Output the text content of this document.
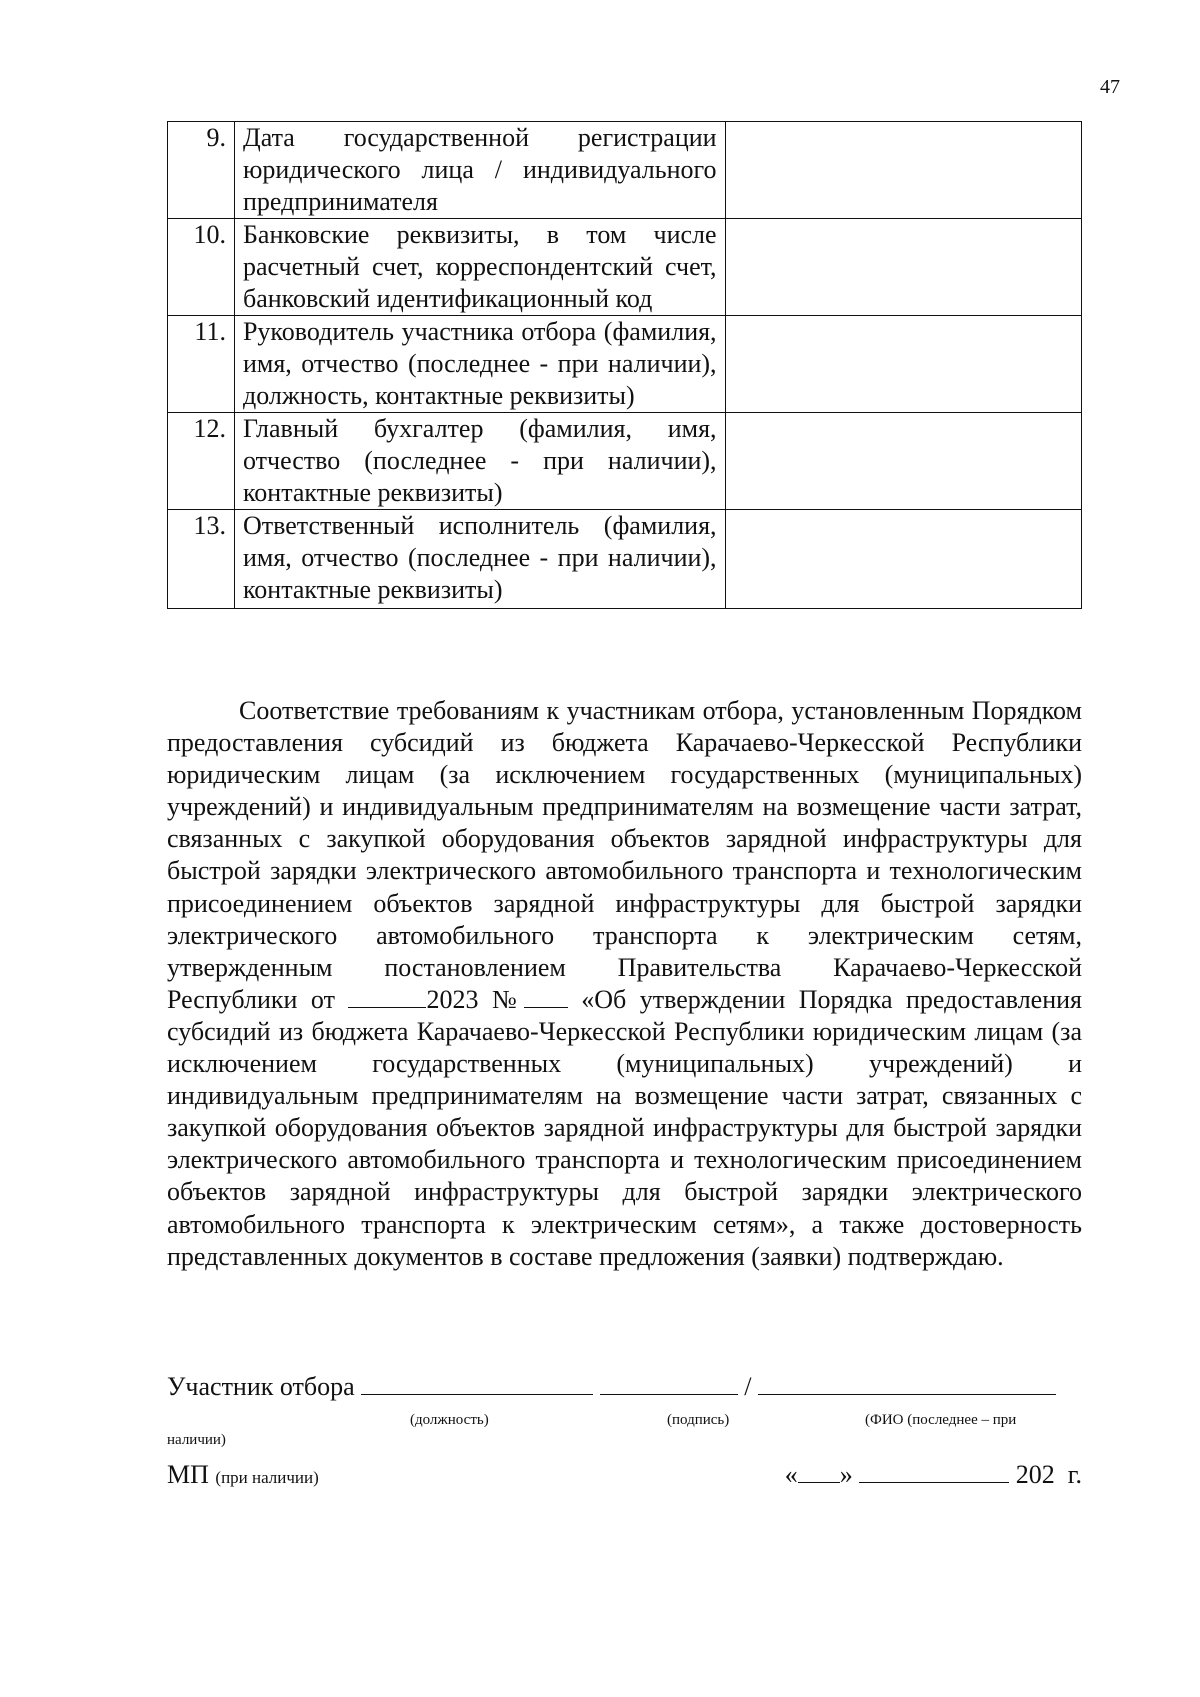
47
9.	Дата государственной регистрации юридического лица / индивидуального предпринимателя	
10.	Банковские реквизиты, в том числе расчетный счет, корреспондентский счет, банковский идентификационный код	
11.	Руководитель участника отбора (фамилия, имя, отчество (последнее - при наличии), должность, контактные реквизиты)	
12.	Главный бухгалтер (фамилия, имя, отчество (последнее - при наличии), контактные реквизиты)	
13.	Ответственный исполнитель (фамилия, имя, отчество (последнее - при наличии), контактные реквизиты)	

Соответствие требованиям к участникам отбора, установленным Порядком предоставления субсидий из бюджета Карачаево-Черкесской Республики юридическим лицам (за исключением государственных (муниципальных) учреждений) и индивидуальным предпринимателям на возмещение части затрат, связанных с закупкой оборудования объектов зарядной инфраструктуры для быстрой зарядки электрического автомобильного транспорта и технологическим присоединением объектов зарядной инфраструктуры для быстрой зарядки электрического автомобильного транспорта к электрическим сетям, утвержденным постановлением Правительства Карачаево-Черкесской Республики от	2023 № «Об утверждении Порядка предоставления субсидий из бюджета Карачаево-Черкесской Республики юридическим лицам (за исключением государственных (муниципальных) учреждений) и индивидуальным предпринимателям на возмещение части затрат, связанных с закупкой оборудования объектов зарядной инфраструктуры для быстрой зарядки электрического автомобильного транспорта и технологическим присоединением объектов зарядной инфраструктуры для быстрой зарядки электрического автомобильного транспорта к электрическим сетям», а также достоверность представленных документов в составе предложения (заявки) подтверждаю.

Участник отбора	/
(должность)	(подпись)	(ФИО (последнее – при
наличии)
МП (при наличии)	« »	202  г.
